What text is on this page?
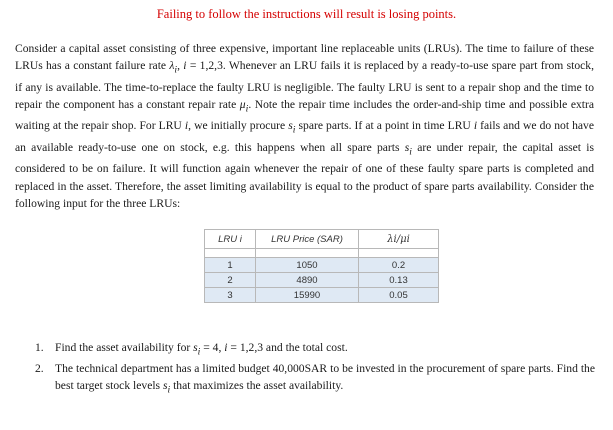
Failing to follow the instructions will result is losing points.
Consider a capital asset consisting of three expensive, important line replaceable units (LRUs). The time to failure of these LRUs has a constant failure rate $\lambda_i$, i = 1,2,3. Whenever an LRU fails it is replaced by a ready-to-use spare part from stock, if any is available. The time-to-replace the faulty LRU is negligible. The faulty LRU is sent to a repair shop and the time to repair the component has a constant repair rate $\mu_i$. Note the repair time includes the order-and-ship time and possible extra waiting at the repair shop. For LRU i, we initially procure $s_i$ spare parts. If at a point in time LRU i fails and we do not have an available ready-to-use one on stock, e.g. this happens when all spare parts $s_i$ are under repair, the capital asset is considered to be on failure. It will function again whenever the repair of one of these faulty spare parts is completed and replaced in the asset. Therefore, the asset limiting availability is equal to the product of spare parts availability. Consider the following input for the three LRUs:
LRU i	LRU Price (SAR)	λi/μi

1	1050	0.2
2	4890	0.13
3	15990	0.05
1. Find the asset availability for $s_i = 4$, i = 1,2,3 and the total cost.
2. The technical department has a limited budget 40,000SAR to be invested in the procurement of spare parts. Find the best target stock levels $s_i$ that maximizes the asset availability.
